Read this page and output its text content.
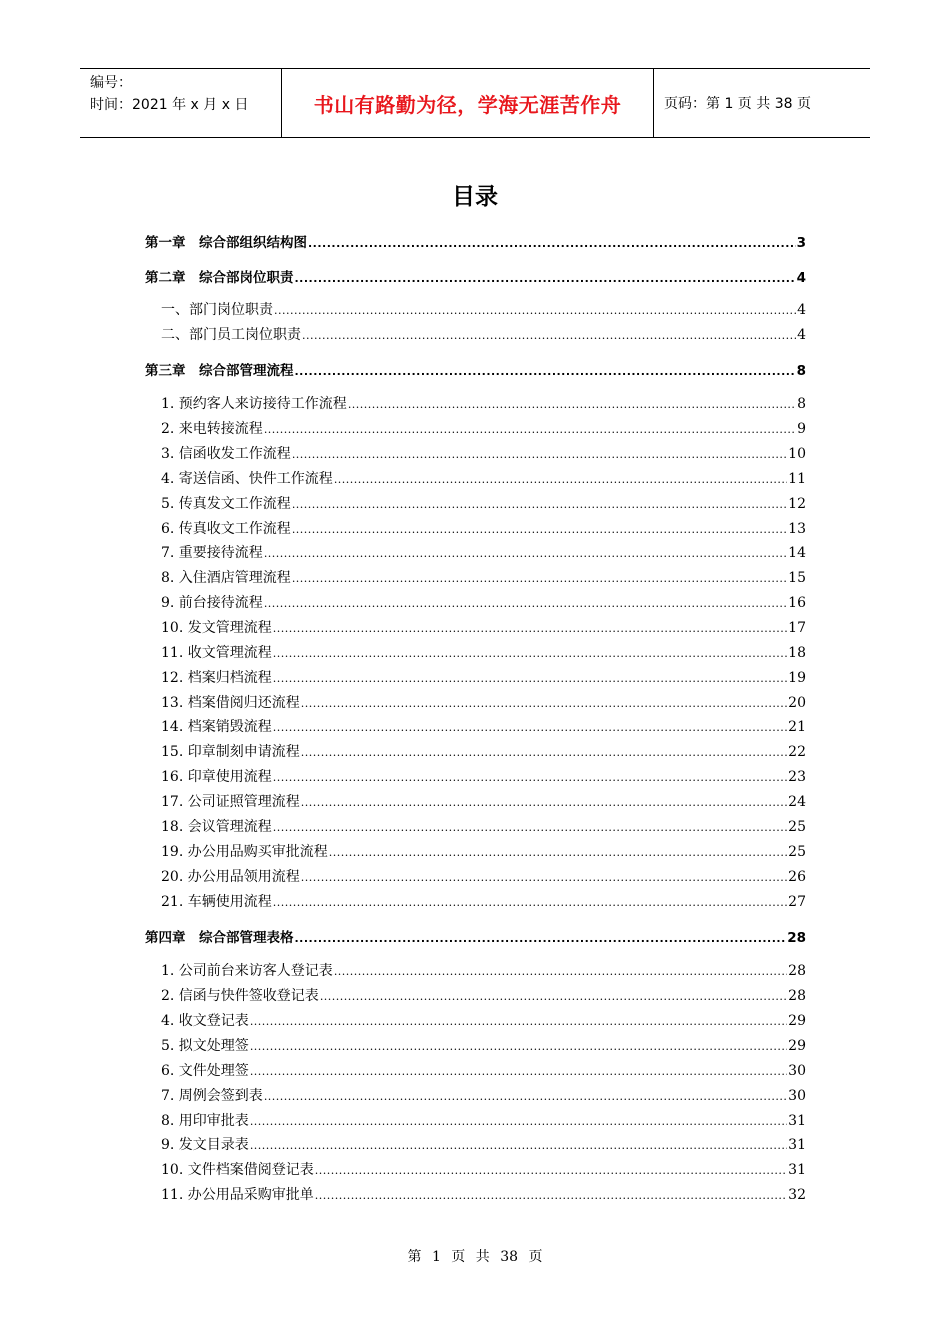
编号：
时间：2021 年 x 月 x 日	书山有路勤为径，学海无涯苦作舟	页码：第 1 页 共 38 页
目录
第一章　综合部组织结构图 .....	3
第二章　综合部岗位职责 .....	4
一、部门岗位职责 .....	4
二、部门员工岗位职责 .....	4
第三章　综合部管理流程 .....	8
1. 预约客人来访接待工作流程 .....	8
2. 来电转接流程 .....	9
3. 信函收发工作流程 .....	10
4. 寄送信函、快件工作流程 .....	11
5. 传真发文工作流程 .....	12
6. 传真收文工作流程 .....	13
7. 重要接待流程 .....	14
8. 入住酒店管理流程 .....	15
9. 前台接待流程 .....	16
10. 发文管理流程 .....	17
11. 收文管理流程 .....	18
12. 档案归档流程 .....	19
13. 档案借阅归还流程 .....	20
14. 档案销毁流程 .....	21
15. 印章制刻申请流程 .....	22
16. 印章使用流程 .....	23
17. 公司证照管理流程 .....	24
18. 会议管理流程 .....	25
19. 办公用品购买审批流程 .....	25
20. 办公用品领用流程 .....	26
21. 车辆使用流程 .....	27
第四章　综合部管理表格 .....	28
1. 公司前台来访客人登记表 .....	28
2. 信函与快件签收登记表 .....	28
4. 收文登记表 .....	29
5. 拟文处理签 .....	29
6. 文件处理签 .....	30
7. 周例会签到表 .....	30
8. 用印审批表 .....	31
9. 发文目录表 .....	31
10. 文件档案借阅登记表 .....	31
11. 办公用品采购审批单 .....	32
第 1 页 共 38 页
